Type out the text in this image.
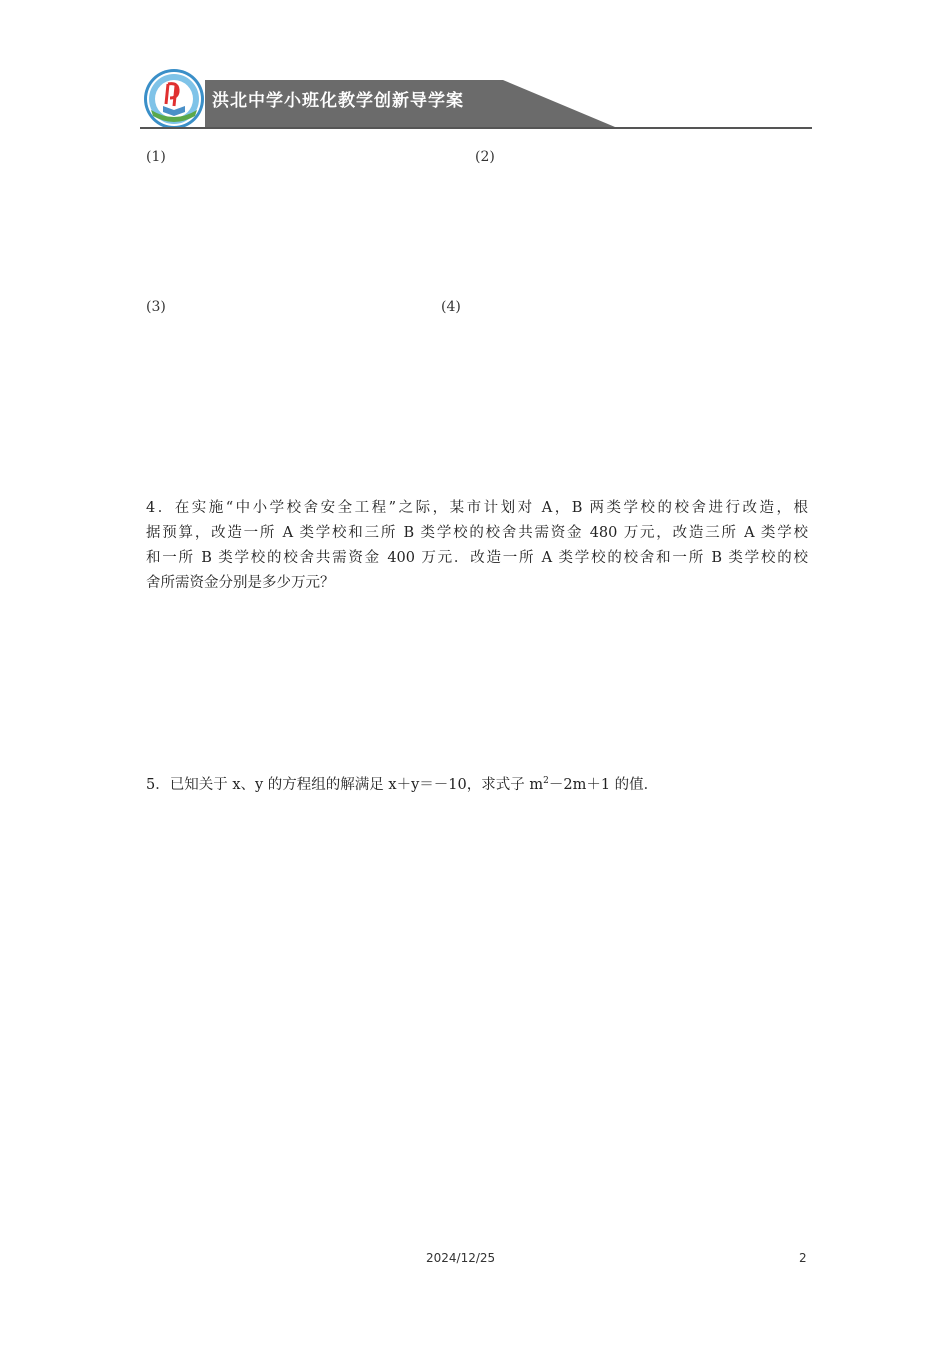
洪北中学小班化教学创新导学案
(1)	(2)
(3)	(4)
4．在实施“中小学校舍安全工程”之际，某市计划对 A，B 两类学校的校舍进行改造，根
据预算，改造一所 A 类学校和三所 B 类学校的校舍共需资金 480 万元，改造三所 A 类学校
和一所 B 类学校的校舍共需资金 400 万元．改造一所 A 类学校的校舍和一所 B 类学校的校
舍所需资金分别是多少万元？
5．已知关于 x、y 的方程组的解满足 x＋y＝－10，求式子 $m^2-2m+1$ 的值．
2024/12/25	2
